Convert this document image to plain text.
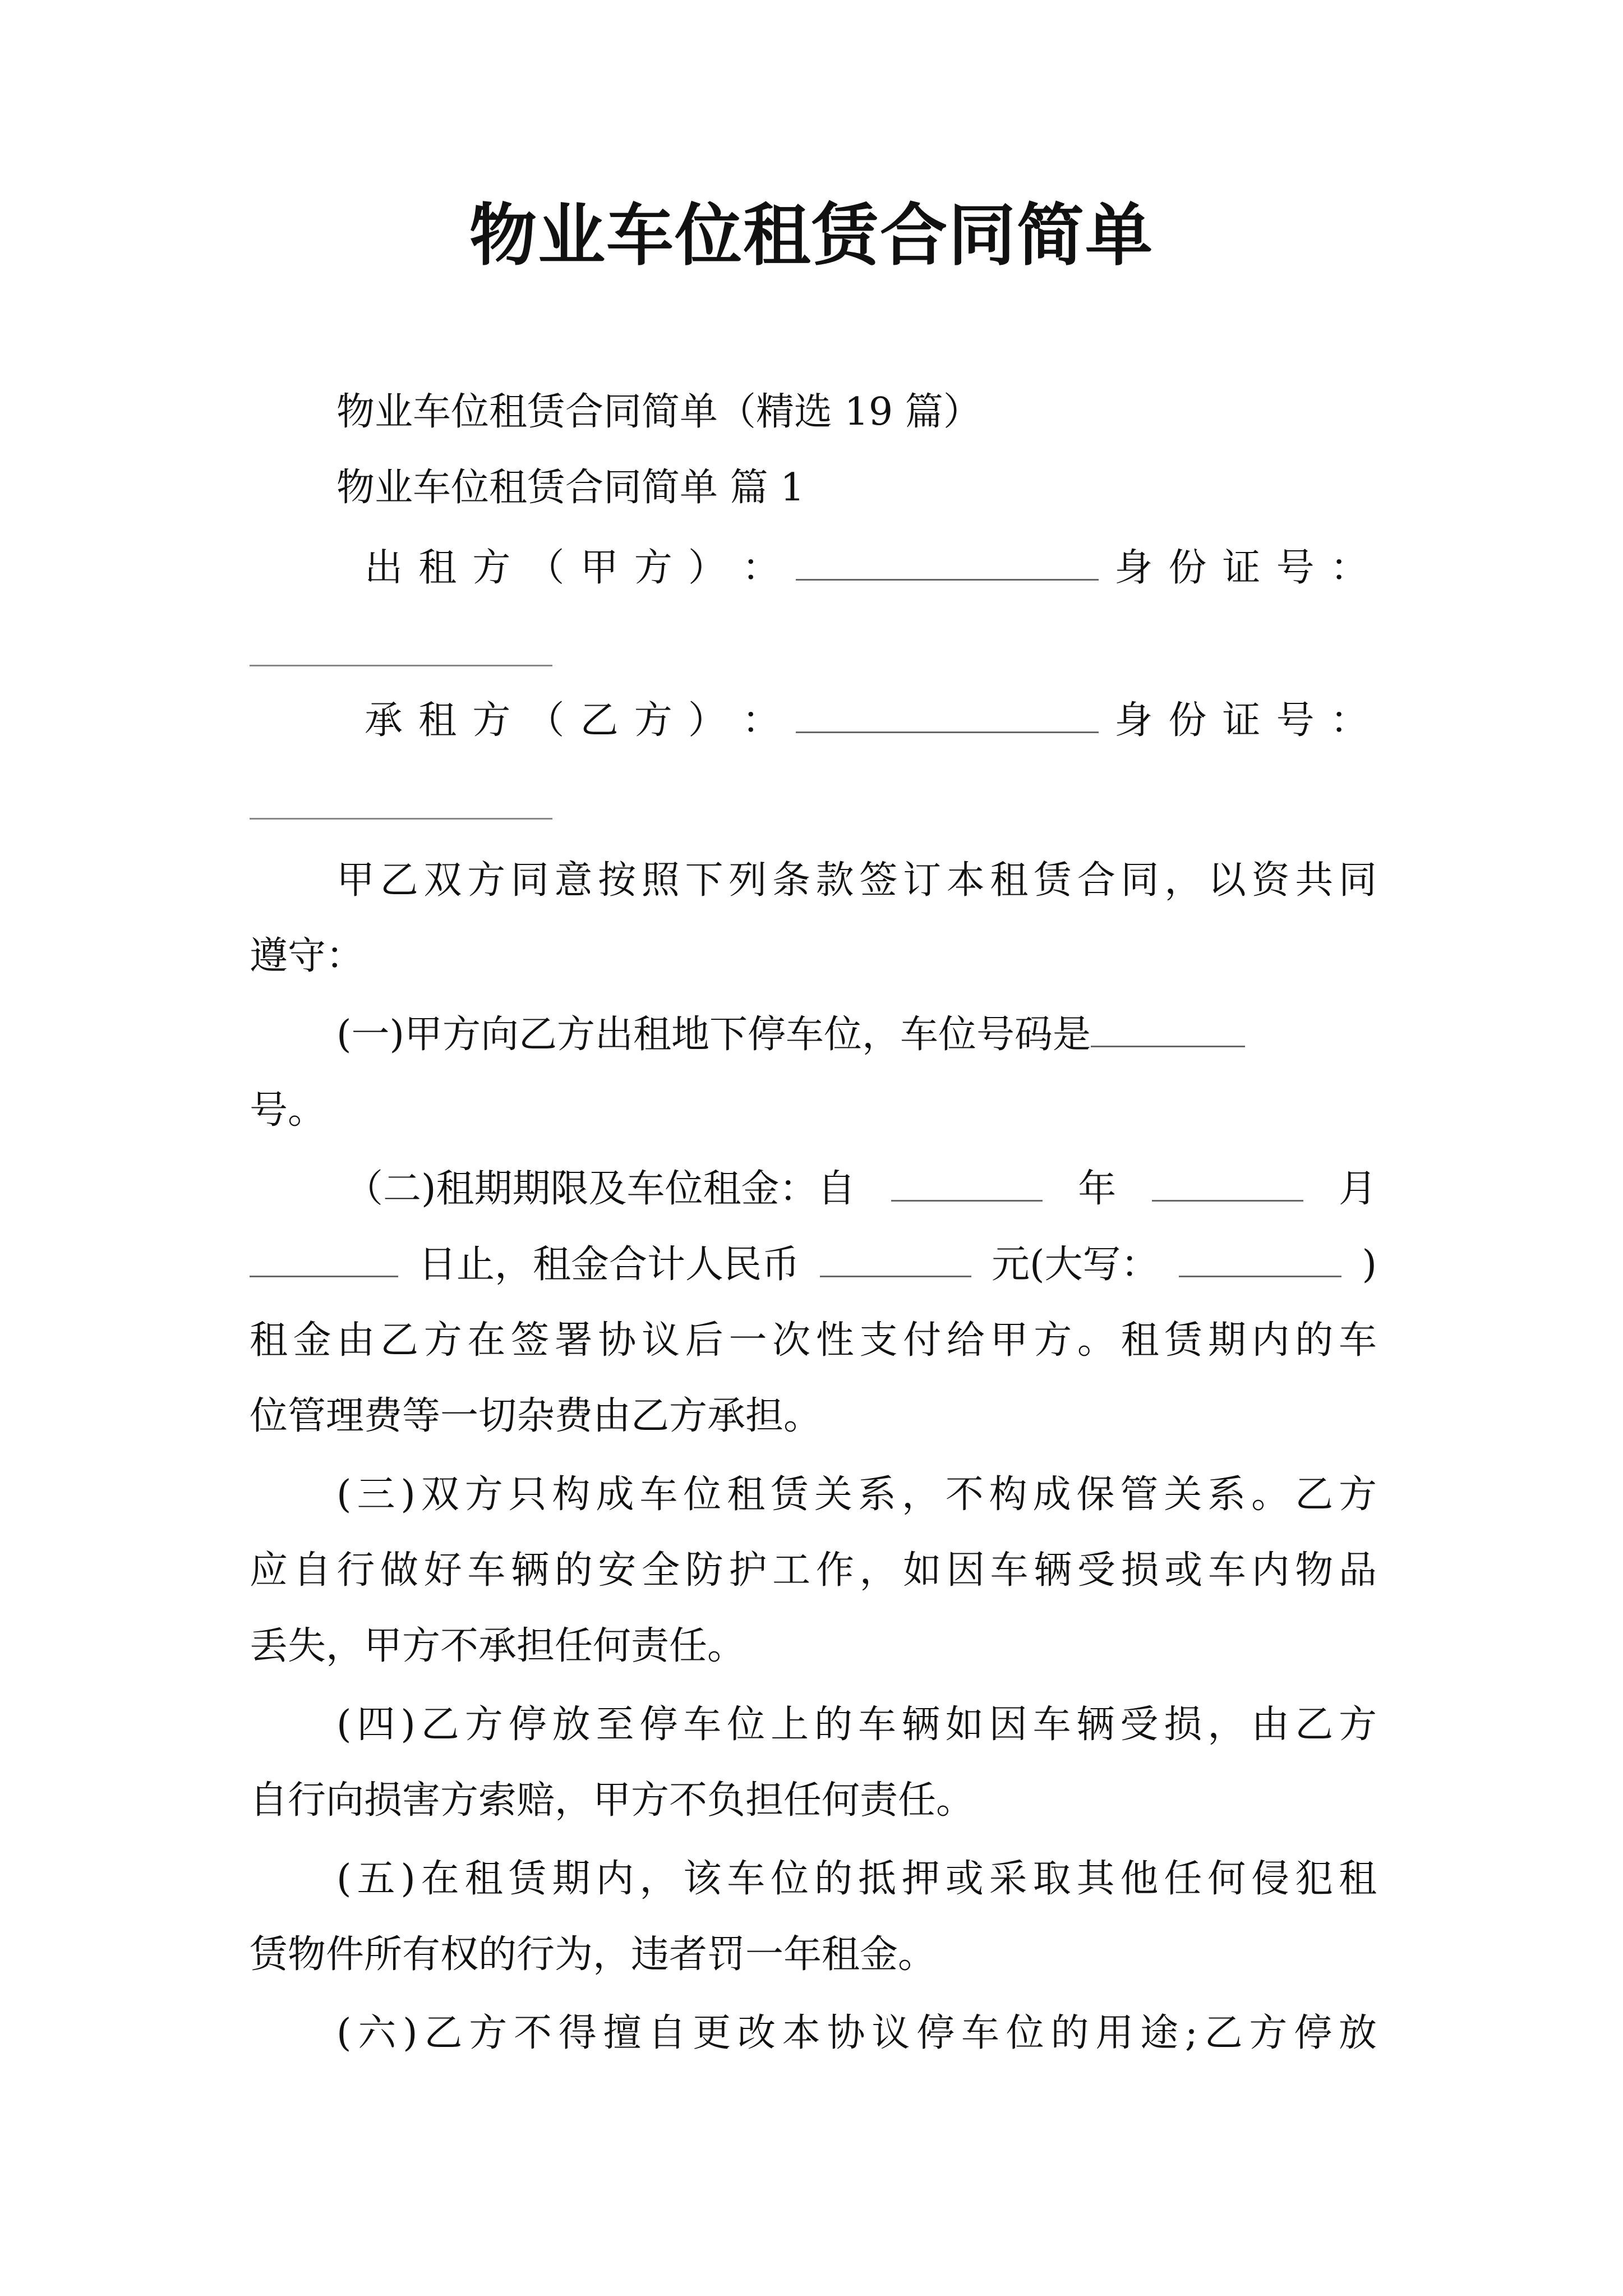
物业车位租赁合同简单
物业车位租赁合同简单（精选 19 篇）
物业车位租赁合同简单 篇 1
出 租 方 （ 甲 方 ） ：	身 份 证 号 ：
承 租 方 （ 乙 方 ） ：	身 份 证 号 ：
甲乙双方同意按照下列条款签订本租赁合同，以资共同
遵守：
(一)甲方向乙方出租地下停车位，车位号码是
号。
（二)租期期限及车位租金：自	年	月
日止，租金合计人民币	元(大写：	)
租金由乙方在签署协议后一次性支付给甲方。租赁期内的车
位管理费等一切杂费由乙方承担。
(三)双方只构成车位租赁关系，不构成保管关系。乙方
应自行做好车辆的安全防护工作，如因车辆受损或车内物品
丢失，甲方不承担任何责任。
(四)乙方停放至停车位上的车辆如因车辆受损，由乙方
自行向损害方索赔，甲方不负担任何责任。
(五)在租赁期内，该车位的抵押或采取其他任何侵犯租
赁物件所有权的行为，违者罚一年租金。
(六)乙方不得擅自更改本协议停车位的用途;乙方停放
